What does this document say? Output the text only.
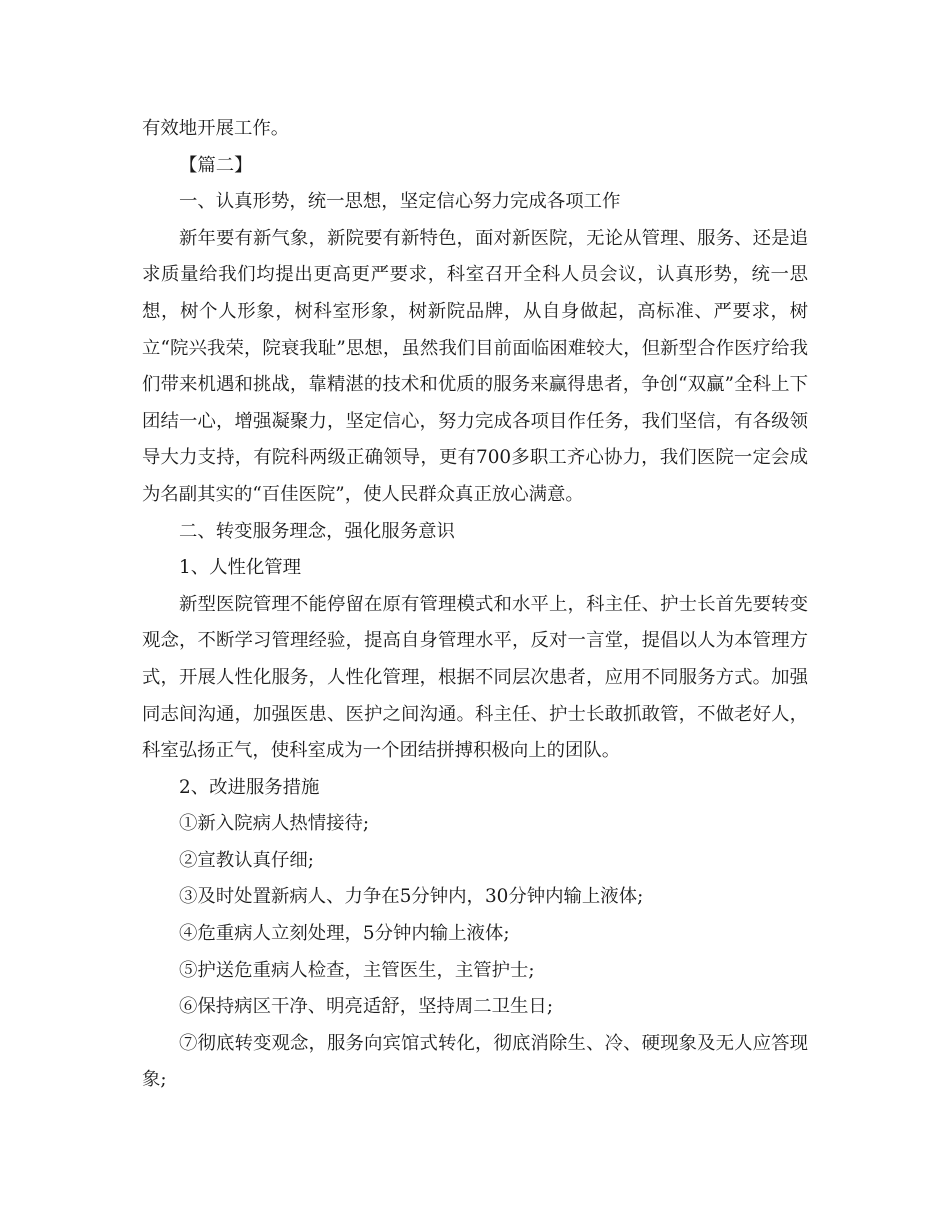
有效地开展工作。

【篇二】

一、认真形势，统一思想，坚定信心努力完成各项工作

新年要有新气象，新院要有新特色，面对新医院，无论从管理、服务、还是追求质量给我们均提出更高更严要求，科室召开全科人员会议，认真形势，统一思想，树个人形象，树科室形象，树新院品牌，从自身做起，高标准、严要求，树立“院兴我荣，院衰我耻”思想，虽然我们目前面临困难较大，但新型合作医疗给我们带来机遇和挑战，靠精湛的技术和优质的服务来赢得患者，争创“双赢”全科上下团结一心，增强凝聚力，坚定信心，努力完成各项目作任务，我们坚信，有各级领导大力支持，有院科两级正确领导，更有700多职工齐心协力，我们医院一定会成为名副其实的“百佳医院”，使人民群众真正放心满意。

二、转变服务理念，强化服务意识

1、人性化管理

新型医院管理不能停留在原有管理模式和水平上，科主任、护士长首先要转变观念，不断学习管理经验，提高自身管理水平，反对一言堂，提倡以人为本管理方式，开展人性化服务，人性化管理，根据不同层次患者，应用不同服务方式。加强同志间沟通，加强医患、医护之间沟通。科主任、护士长敢抓敢管，不做老好人，科室弘扬正气，使科室成为一个团结拼搏积极向上的团队。

2、改进服务措施

①新入院病人热情接待;

②宣教认真仔细;

③及时处置新病人、力争在5分钟内，30分钟内输上液体;

④危重病人立刻处理，5分钟内输上液体;

⑤护送危重病人检查，主管医生，主管护士;

⑥保持病区干净、明亮适舒，坚持周二卫生日;

⑦彻底转变观念，服务向宾馆式转化，彻底消除生、冷、硬现象及无人应答现象;
